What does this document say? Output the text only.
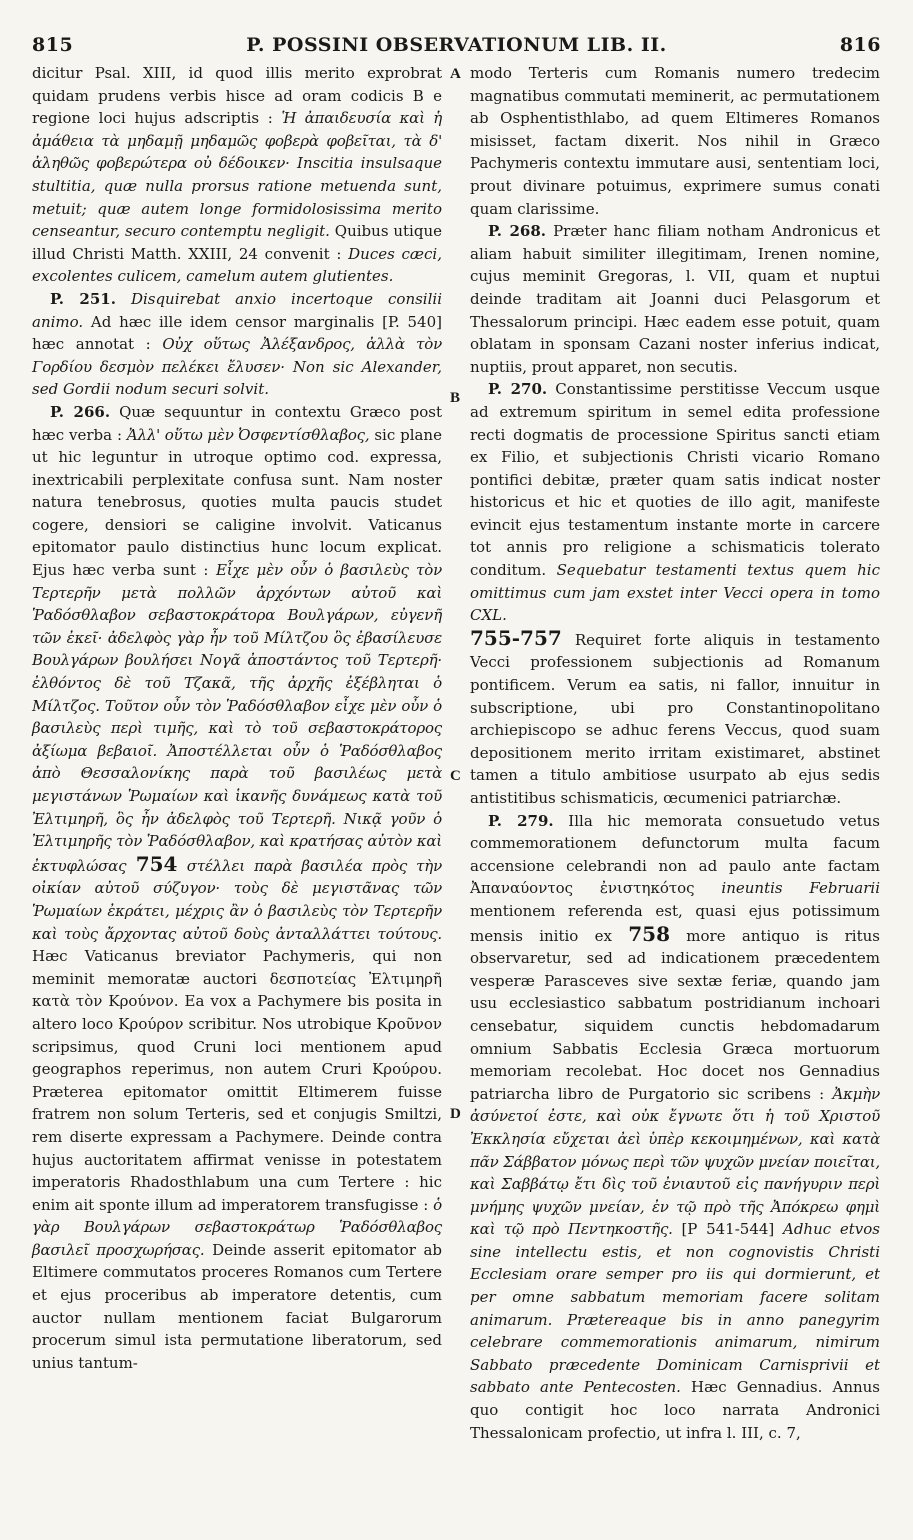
815	P. POSSINI OBSERVATIONUM LIB. II.	816
A
B
C
D

dicitur Psal. XIII, id quod illis merito exprobrat quidam prudens verbis hisce ad oram codicis B e regione loci hujus adscriptis : Ἡ ἀπαιδευσία καὶ ἡ ἀμάθεια τὰ μηδαμῇ μηδαμῶς φοβερὰ φοβεῖται, τὰ δ' ἀληθῶς φοβερώτερα οὐ δέδοικεν· Inscitia insulsaque stultitia, quæ nulla prorsus ratione metuenda sunt, metuit; quæ autem longe formidolosissima merito censeantur, securo contemptu negligit. Quibus utique illud Christi Matth. XXIII, 24 convenit : Duces cæci, excolentes culicem, camelum autem glutientes.

P. 251. Disquirebat anxio incertoque consilii animo. Ad hæc ille idem censor marginalis [P. 540] hæc annotat : Οὐχ οὕτως Ἀλέξανδρος, ἀλλὰ τὸν Γορδίου δεσμὸν πελέκει ἔλυσεν· Non sic Alexander, sed Gordii nodum securi solvit.

P. 266. Quæ sequuntur in contextu Græco post hæc verba : Ἀλλ' οὕτω μὲν Ὀσφεντίσθλαβος, sic plane ut hic leguntur in utroque optimo cod. expressa, inextricabili perplexitate confusa sunt. Nam noster natura tenebrosus, quoties multa paucis studet cogere, densiori se caligine involvit. Vaticanus epitomator paulo distinctius hunc locum explicat. Ejus hæc verba sunt : Εἶχε μὲν οὖν ὁ βασιλεὺς τὸν Τερτερῆν μετὰ πολλῶν ἀρχόντων αὐτοῦ καὶ Ῥαδόσθλαβον σεβαστοκράτορα Βουλγάρων, εὐγενῆ τῶν ἐκεῖ· ἀδελφὸς γὰρ ἦν τοῦ Μίλτζου ὃς ἐβασίλευσε Βουλγάρων βουλήσει Νογᾶ ἀποστάντος τοῦ Τερτερῆ· ἐλθόντος δὲ τοῦ Τζακᾶ, τῆς ἀρχῆς ἐξέβληται ὁ Μίλτζος. Τοῦτον οὖν τὸν Ῥαδόσθλαβον εἶχε μὲν οὖν ὁ βασιλεὺς περὶ τιμῆς, καὶ τὸ τοῦ σεβαστοκράτορος ἀξίωμα βεβαιοῖ. Ἀποστέλλεται οὖν ὁ Ῥαδόσθλαβος ἀπὸ Θεσσαλονίκης παρὰ τοῦ βασιλέως μετὰ μεγιστάνων Ῥωμαίων καὶ ἱκανῆς δυνάμεως κατὰ τοῦ Ἐλτιμηρῆ, ὃς ἦν ἀδελφὸς τοῦ Τερτερῆ. Νικᾷ γοῦν ὁ Ἐλτιμηρῆς τὸν Ῥαδόσθλαβον, καὶ κρατήσας αὐτὸν καὶ ἐκτυφλώσας 754 στέλλει παρὰ βασιλέα πρὸς τὴν οἰκίαν αὐτοῦ σύζυγον· τοὺς δὲ μεγιστᾶνας τῶν Ῥωμαίων ἐκράτει, μέχρις ἂν ὁ βασιλεὺς τὸν Τερτερῆν καὶ τοὺς ἄρχοντας αὐτοῦ δοὺς ἀνταλλάττει τούτους. Hæc Vaticanus breviator Pachymeris, qui non meminit memoratæ auctori δεσποτείας Ἐλτιμηρῆ κατὰ τὸν Κρούνον. Ea vox a Pachymere bis posita in altero loco Κρούρον scribitur. Nos utrobique Κροῦνον scripsimus, quod Cruni loci mentionem apud geographos reperimus, non autem Cruri Κρούρου. Præterea epitomator omittit Eltimerem fuisse fratrem non solum Terteris, sed et conjugis Smiltzi, rem diserte expressam a Pachymere. Deinde contra hujus auctoritatem affirmat venisse in potestatem imperatoris Rhadosthlabum una cum Tertere : hic enim ait sponte illum ad imperatorem transfugisse : ὁ γὰρ Βουλγάρων σεβαστοκράτωρ Ῥαδόσθλαβος βασιλεῖ προσχωρήσας. Deinde asserit epitomator ab Eltimere commutatos proceres Romanos cum Tertere et ejus proceribus ab imperatore detentis, cum auctor nullam mentionem faciat Bulgarorum procerum simul ista permutatione liberatorum, sed unius tantum-

modo Terteris cum Romanis numero tredecim magnatibus commutati meminerit, ac permutationem ab Osphentisthlabo, ad quem Eltimeres Romanos misisset, factam dixerit. Nos nihil in Græco Pachymeris contextu immutare ausi, sententiam loci, prout divinare potuimus, exprimere sumus conati quam clarissime.

P. 268. Præter hanc filiam notham Andronicus et aliam habuit similiter illegitimam, Irenen nomine, cujus meminit Gregoras, l. VII, quam et nuptui deinde traditam ait Joanni duci Pelasgorum et Thessalorum principi. Hæc eadem esse potuit, quam oblatam in sponsam Cazani noster inferius indicat, nuptiis, prout apparet, non secutis.

P. 270. Constantissime perstitisse Veccum usque ad extremum spiritum in semel edita professione recti dogmatis de processione Spiritus sancti etiam ex Filio, et subjectionis Christi vicario Romano pontifici debitæ, præter quam satis indicat noster historicus et hic et quoties de illo agit, manifeste evincit ejus testamentum instante morte in carcere tot annis pro religione a schismaticis tolerato conditum. Sequebatur testamenti textus quem hic omittimus cum jam exstet inter Vecci opera in tomo CXL.

755-757 Requiret forte aliquis in testamento Vecci professionem subjectionis ad Romanum pontificem. Verum ea satis, ni fallor, innuitur in subscriptione, ubi pro Constantinopolitano archiepiscopo se adhuc ferens Veccus, quod suam depositionem merito irritam existimaret, abstinet tamen a titulo ambitiose usurpato ab ejus sedis antistitibus schismaticis, œcumenici patriarchæ.

P. 279. Illa hic memorata consuetudo vetus commemorationem defunctorum multa facum accensione celebrandi non ad paulo ante factam Ἀπαναύοντος ἐνιστηκότος ineuntis Februarii mentionem referenda est, quasi ejus potissimum mensis initio ex 758 more antiquo is ritus observaretur, sed ad indicationem præcedentem vesperæ Parasceves sive sextæ feriæ, quando jam usu ecclesiastico sabbatum postridianum inchoari censebatur, siquidem cunctis hebdomadarum omnium Sabbatis Ecclesia Græca mortuorum memoriam recolebat. Hoc docet nos Gennadius patriarcha libro de Purgatorio sic scribens : Ἀκμὴν ἀσύνετοί ἐστε, καὶ οὐκ ἔγνωτε ὅτι ἡ τοῦ Χριστοῦ Ἐκκλησία εὔχεται ἀεὶ ὑπὲρ κεκοιμημένων, καὶ κατὰ πᾶν Σάββατον μόνως περὶ τῶν ψυχῶν μνείαν ποιεῖται, καὶ Σαββάτῳ ἔτι δὶς τοῦ ἐνιαυτοῦ εἰς πανήγυριν περὶ μνήμης ψυχῶν μνείαν, ἐν τῷ πρὸ τῆς Ἀπόκρεω φημὶ καὶ τῷ πρὸ Πεντηκοστῆς. [P 541-544] Adhuc etvos sine intellectu estis, et non cognovistis Christi Ecclesiam orare semper pro iis qui dormierunt, et per omne sabbatum memoriam facere solitam animarum. Prætereaque bis in anno panegyrim celebrare commemorationis animarum, nimirum Sabbato præcedente Dominicam Carnisprivii et sabbato ante Pentecosten. Hæc Gennadius. Annus quo contigit hoc loco narrata Andronici Thessalonicam profectio, ut infra l. III, c. 7,
